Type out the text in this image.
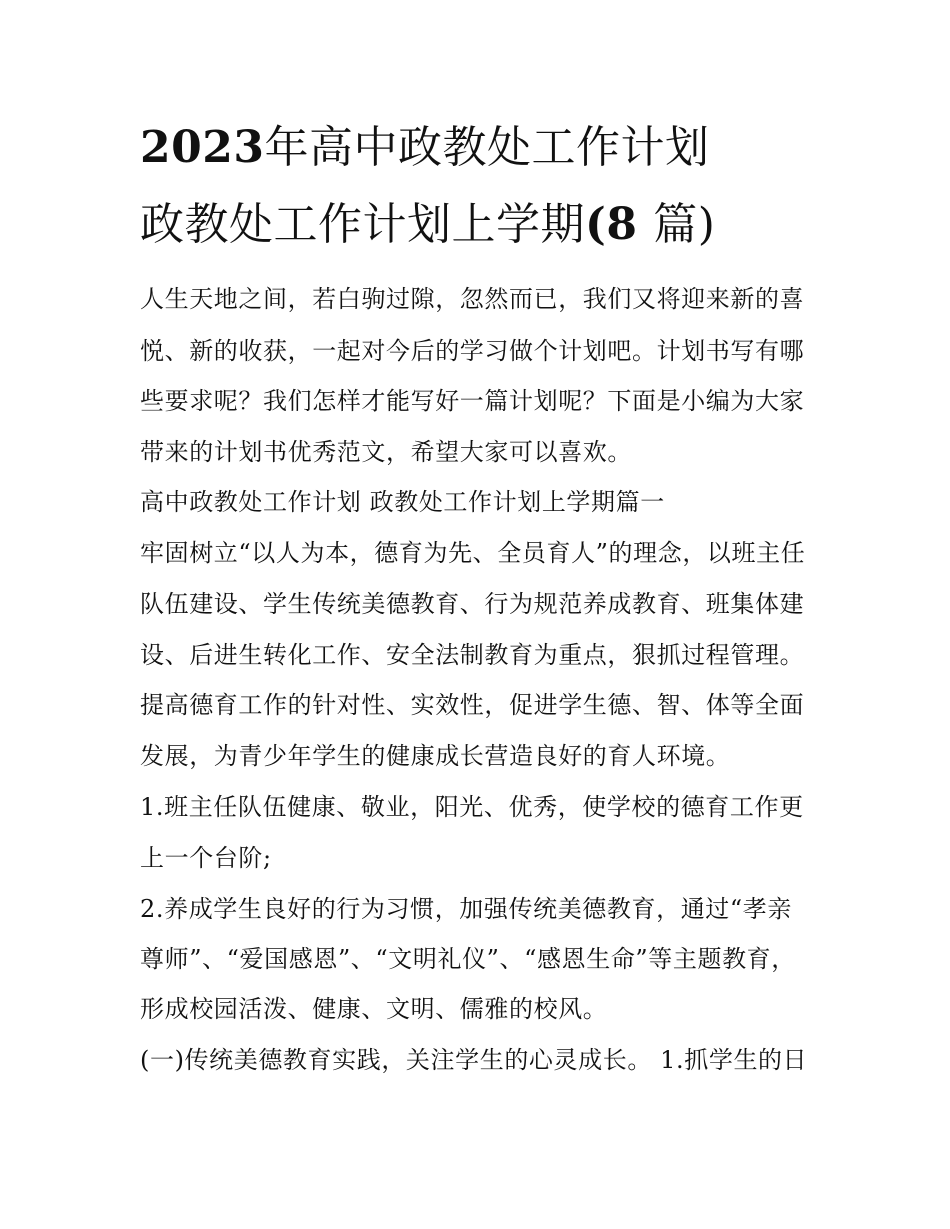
2023年高中政教处工作计划
政教处工作计划上学期(8 篇)

人生天地之间，若白驹过隙，忽然而已，我们又将迎来新的喜

悦、新的收获，一起对今后的学习做个计划吧。计划书写有哪

些要求呢？我们怎样才能写好一篇计划呢？下面是小编为大家

带来的计划书优秀范文，希望大家可以喜欢。

高中政教处工作计划 政教处工作计划上学期篇一

牢固树立“以人为本，德育为先、全员育人”的理念，以班主任

队伍建设、学生传统美德教育、行为规范养成教育、班集体建

设、后进生转化工作、安全法制教育为重点，狠抓过程管理。

提高德育工作的针对性、实效性，促进学生德、智、体等全面

发展，为青少年学生的健康成长营造良好的育人环境。

1.班主任队伍健康、敬业，阳光、优秀，使学校的德育工作更

上一个台阶;

2.养成学生良好的行为习惯，加强传统美德教育，通过“孝亲

尊师”、“爱国感恩”、“文明礼仪”、“感恩生命”等主题教育，

形成校园活泼、健康、文明、儒雅的校风。

(一)传统美德教育实践，关注学生的心灵成长。 1.抓学生的日
